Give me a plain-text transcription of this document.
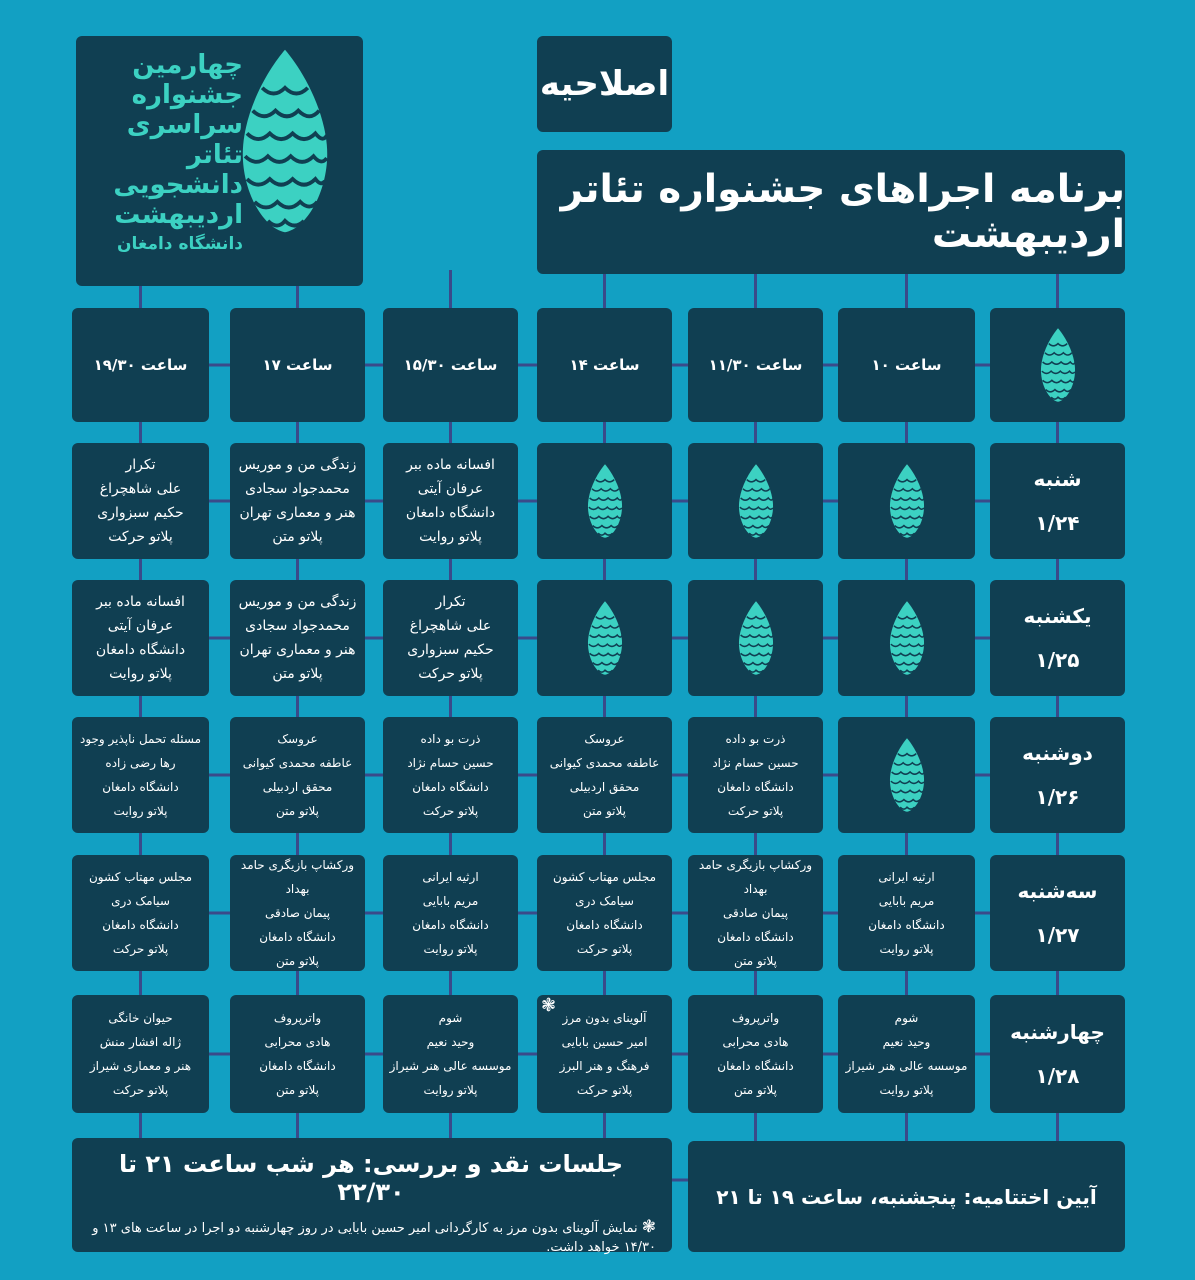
چهارمین
جشنواره
سراسری
تئاتر
دانشجویی
اردیبهشت
دانشگاه دامغان
اصلاحیه
برنامه اجراهای جشنواره تئاتر اردیبهشت
ساعت ۱۰
ساعت ۱۱/۳۰
ساعت ۱۴
ساعت ۱۵/۳۰
ساعت ۱۷
ساعت ۱۹/۳۰
شنبه
۱/۲۴
افسانه ماده ببر
عرفان آیتی
دانشگاه دامغان
پلاتو روایت
زندگی من و موریس
محمدجواد سجادی
هنر و معماری تهران
پلاتو متن
تکرار
علی شاهچراغ
حکیم سبزواری
پلاتو حرکت
یکشنبه
۱/۲۵
تکرار
علی شاهچراغ
حکیم سبزواری
پلاتو حرکت
زندگی من و موریس
محمدجواد سجادی
هنر و معماری تهران
پلاتو متن
افسانه ماده ببر
عرفان آیتی
دانشگاه دامغان
پلاتو روایت
دوشنبه
۱/۲۶
ذرت بو داده
حسین حسام نژاد
دانشگاه دامغان
پلاتو حرکت
عروسک
عاطفه محمدی کیوانی
محقق اردبیلی
پلاتو متن
ذرت بو داده
حسین حسام نژاد
دانشگاه دامغان
پلاتو حرکت
عروسک
عاطفه محمدی کیوانی
محقق اردبیلی
پلاتو متن
مسئله تحمل ناپذیر وجود
رها رضی زاده
دانشگاه دامغان
پلاتو روایت
سه‌شنبه
۱/۲۷
ارثیه ایرانی
مریم بابایی
دانشگاه دامغان
پلاتو روایت
ورکشاپ بازیگری حامد بهداد
پیمان صادقی
دانشگاه دامغان
پلاتو متن
مجلس مهتاب کشون
سیامک دری
دانشگاه دامغان
پلاتو حرکت
ارثیه ایرانی
مریم بابایی
دانشگاه دامغان
پلاتو روایت
ورکشاپ بازیگری حامد بهداد
پیمان صادقی
دانشگاه دامغان
پلاتو متن
مجلس مهتاب کشون
سیامک دری
دانشگاه دامغان
پلاتو حرکت
چهارشنبه
۱/۲۸
شوم
وحید نعیم
موسسه عالی هنر شیراز
پلاتو روایت
واترپروف
هادی محرابی
دانشگاه دامغان
پلاتو متن
آلوینای بدون مرز
امیر حسین بابایی
فرهنگ و هنر البرز
پلاتو حرکت
شوم
وحید نعیم
موسسه عالی هنر شیراز
پلاتو روایت
واترپروف
هادی محرابی
دانشگاه دامغان
پلاتو متن
حیوان خانگی
ژاله افشار منش
هنر و معماری شیراز
پلاتو حرکت
❃
جلسات نقد و بررسی: هر شب ساعت ۲۱ تا ۲۲/۳۰
❃ نمایش آلوینای بدون مرز به کارگردانی امیر حسین بابایی در روز چهارشنبه دو اجرا در ساعت های ۱۳ و ۱۴/۳۰ خواهد داشت.
آیین اختتامیه: پنجشنبه، ساعت ۱۹ تا ۲۱
